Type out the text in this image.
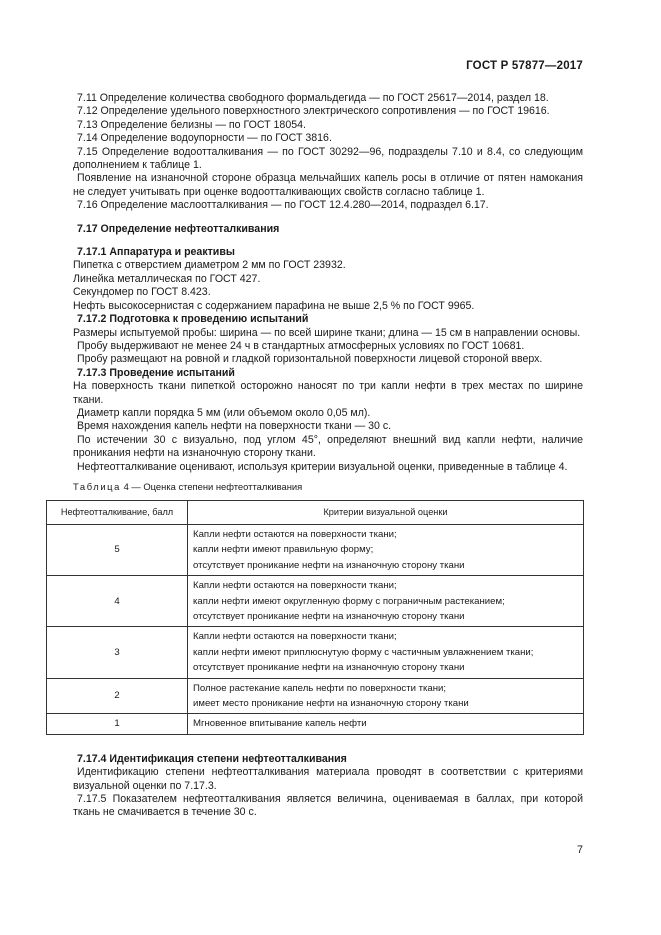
ГОСТ Р 57877—2017

7.11 Определение количества свободного формальдегида — по ГОСТ 25617—2014, раздел 18.

7.12 Определение удельного поверхностного электрического сопротивления — по ГОСТ 19616.

7.13 Определение белизны — по ГОСТ 18054.

7.14 Определение водоупорности — по ГОСТ 3816.

7.15 Определение водоотталкивания — по ГОСТ 30292—96, подразделы 7.10 и 8.4, со следующим дополнением к таблице 1.

Появление на изнаночной стороне образца мельчайших капель росы в отличие от пятен намокания не следует учитывать при оценке водоотталкивающих свойств согласно таблице 1.

7.16 Определение маслоотталкивания — по ГОСТ 12.4.280—2014, подраздел 6.17.

7.17 Определение нефтеотталкивания

7.17.1 Аппаратура и реактивы

Пипетка с отверстием диаметром 2 мм по ГОСТ 23932.

Линейка металлическая по ГОСТ 427.

Секундомер по ГОСТ 8.423.

Нефть высокосернистая с содержанием парафина не выше 2,5 % по ГОСТ 9965.

7.17.2 Подготовка к проведению испытаний

Размеры испытуемой пробы: ширина — по всей ширине ткани; длина — 15 см в направлении основы.

Пробу выдерживают не менее 24 ч в стандартных атмосферных условиях по ГОСТ 10681.

Пробу размещают на ровной и гладкой горизонтальной поверхности лицевой стороной вверх.

7.17.3 Проведение испытаний

На поверхность ткани пипеткой осторожно наносят по три капли нефти в трех местах по ширине ткани.

Диаметр капли порядка 5 мм (или объемом около 0,05 мл).

Время нахождения капель нефти на поверхности ткани — 30 с.

По истечении 30 с визуально, под углом 45°, определяют внешний вид капли нефти, наличие проникания нефти на изнаночную сторону ткани.

Нефтеотталкивание оценивают, используя критерии визуальной оценки, приведенные в таблице 4.

Таблица 4 — Оценка степени нефтеотталкивания

Нефтеотталкивание, балл	Критерии визуальной оценки
5	Капли нефти остаются на поверхности ткани;
капли нефти имеют правильную форму;
отсутствует проникание нефти на изнаночную сторону ткани

4	Капли нефти остаются на поверхности ткани;
капли нефти имеют округленную форму с пограничным растеканием;
отсутствует проникание нефти на изнаночную сторону ткани

3	Капли нефти остаются на поверхности ткани;
капли нефти имеют приплюснутую форму с частичным увлажнением ткани;
отсутствует проникание нефти на изнаночную сторону ткани

2	Полное растекание капель нефти по поверхности ткани;
имеет место проникание нефти на изнаночную сторону ткани

1	Мгновенное впитывание капель нефти

7.17.4 Идентификация степени нефтеотталкивания

Идентификацию степени нефтеотталкивания материала проводят в соответствии с критериями визуальной оценки по 7.17.3.

7.17.5 Показателем нефтеотталкивания является величина, оцениваемая в баллах, при которой ткань не смачивается в течение 30 с.

7
